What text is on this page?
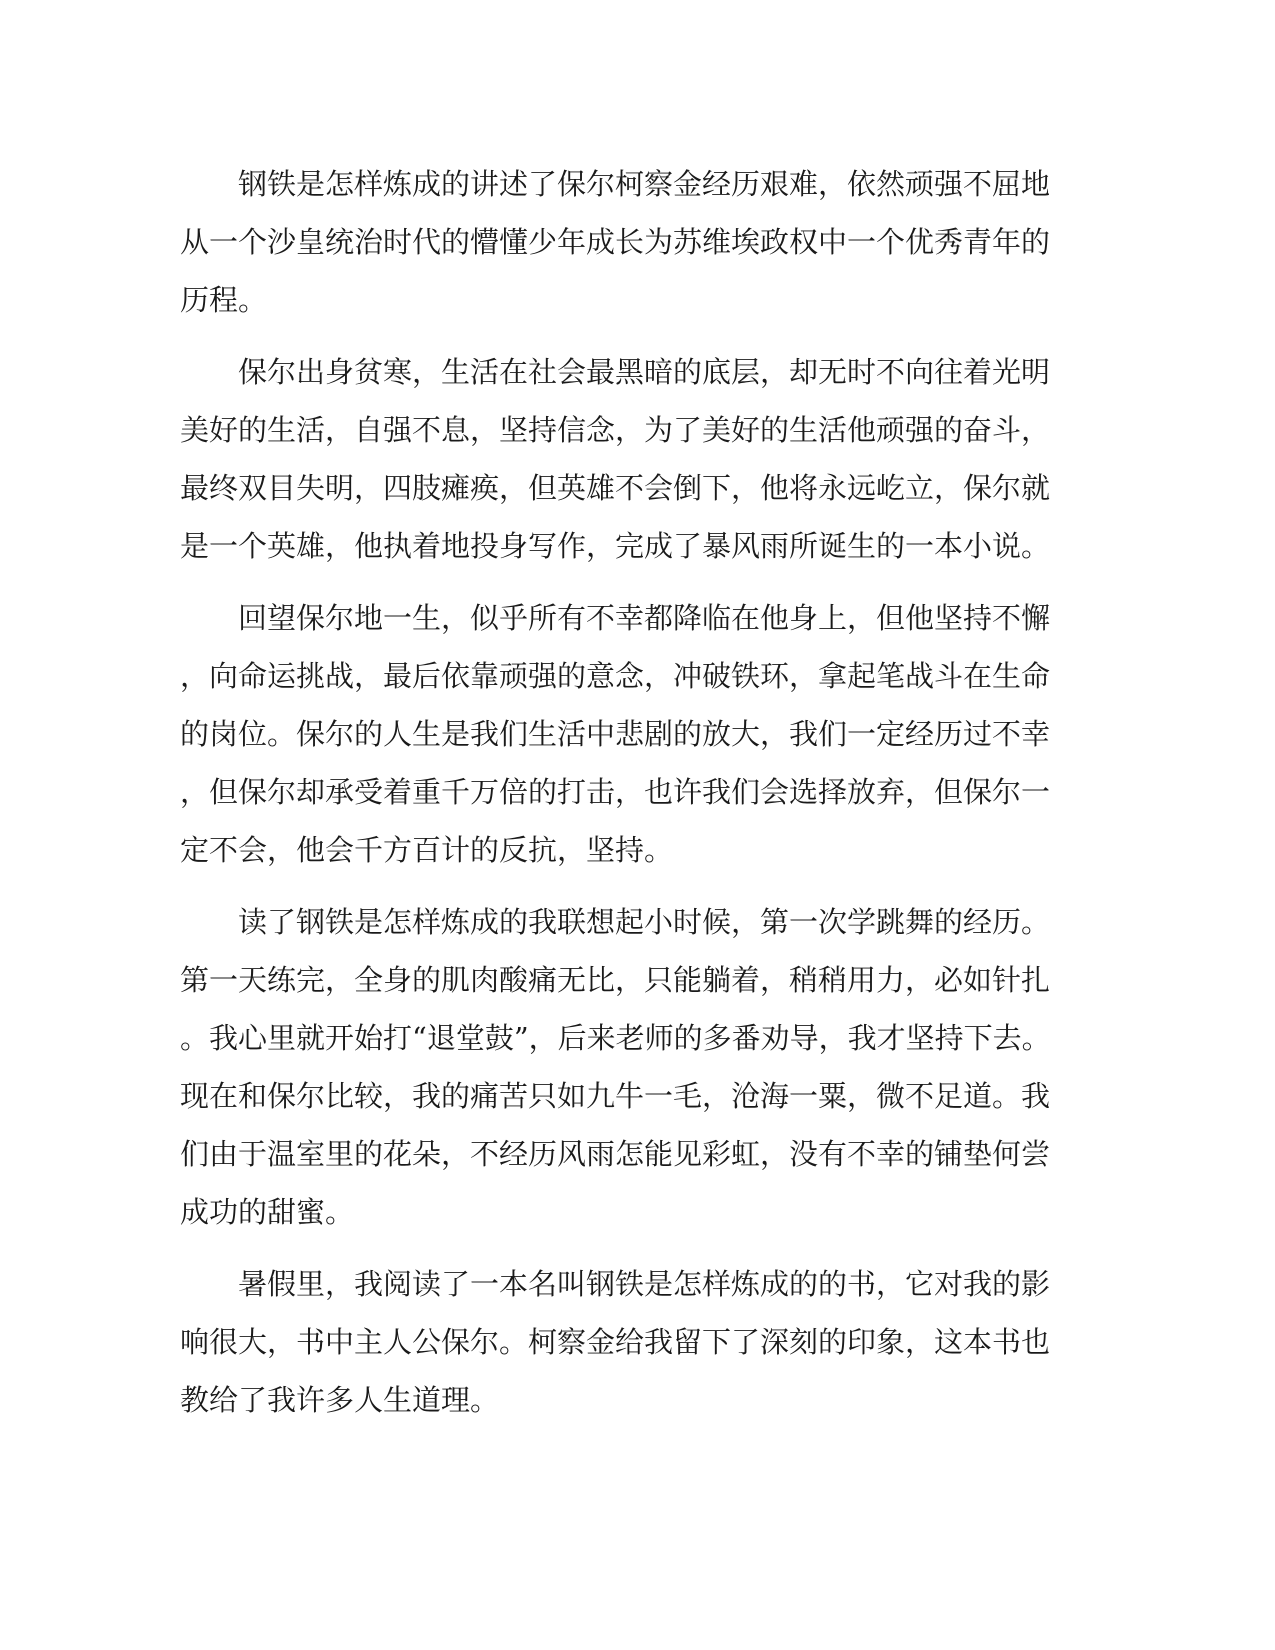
　　钢铁是怎样炼成的讲述了保尔柯察金经历艰难，依然顽强不屈地
从一个沙皇统治时代的懵懂少年成长为苏维埃政权中一个优秀青年的
历程。

　　保尔出身贫寒，生活在社会最黑暗的底层，却无时不向往着光明
美好的生活，自强不息，坚持信念，为了美好的生活他顽强的奋斗，
最终双目失明，四肢瘫痪，但英雄不会倒下，他将永远屹立，保尔就
是一个英雄，他执着地投身写作，完成了暴风雨所诞生的一本小说。

　　回望保尔地一生，似乎所有不幸都降临在他身上，但他坚持不懈
，向命运挑战，最后依靠顽强的意念，冲破铁环，拿起笔战斗在生命
的岗位。保尔的人生是我们生活中悲剧的放大，我们一定经历过不幸
，但保尔却承受着重千万倍的打击，也许我们会选择放弃，但保尔一
定不会，他会千方百计的反抗，坚持。

　　读了钢铁是怎样炼成的我联想起小时候，第一次学跳舞的经历。
第一天练完，全身的肌肉酸痛无比，只能躺着，稍稍用力，必如针扎
。我心里就开始打“退堂鼓”，后来老师的多番劝导，我才坚持下去。
现在和保尔比较，我的痛苦只如九牛一毛，沧海一粟，微不足道。我
们由于温室里的花朵，不经历风雨怎能见彩虹，没有不幸的铺垫何尝
成功的甜蜜。

　　暑假里，我阅读了一本名叫钢铁是怎样炼成的的书，它对我的影
响很大，书中主人公保尔。柯察金给我留下了深刻的印象，这本书也
教给了我许多人生道理。
